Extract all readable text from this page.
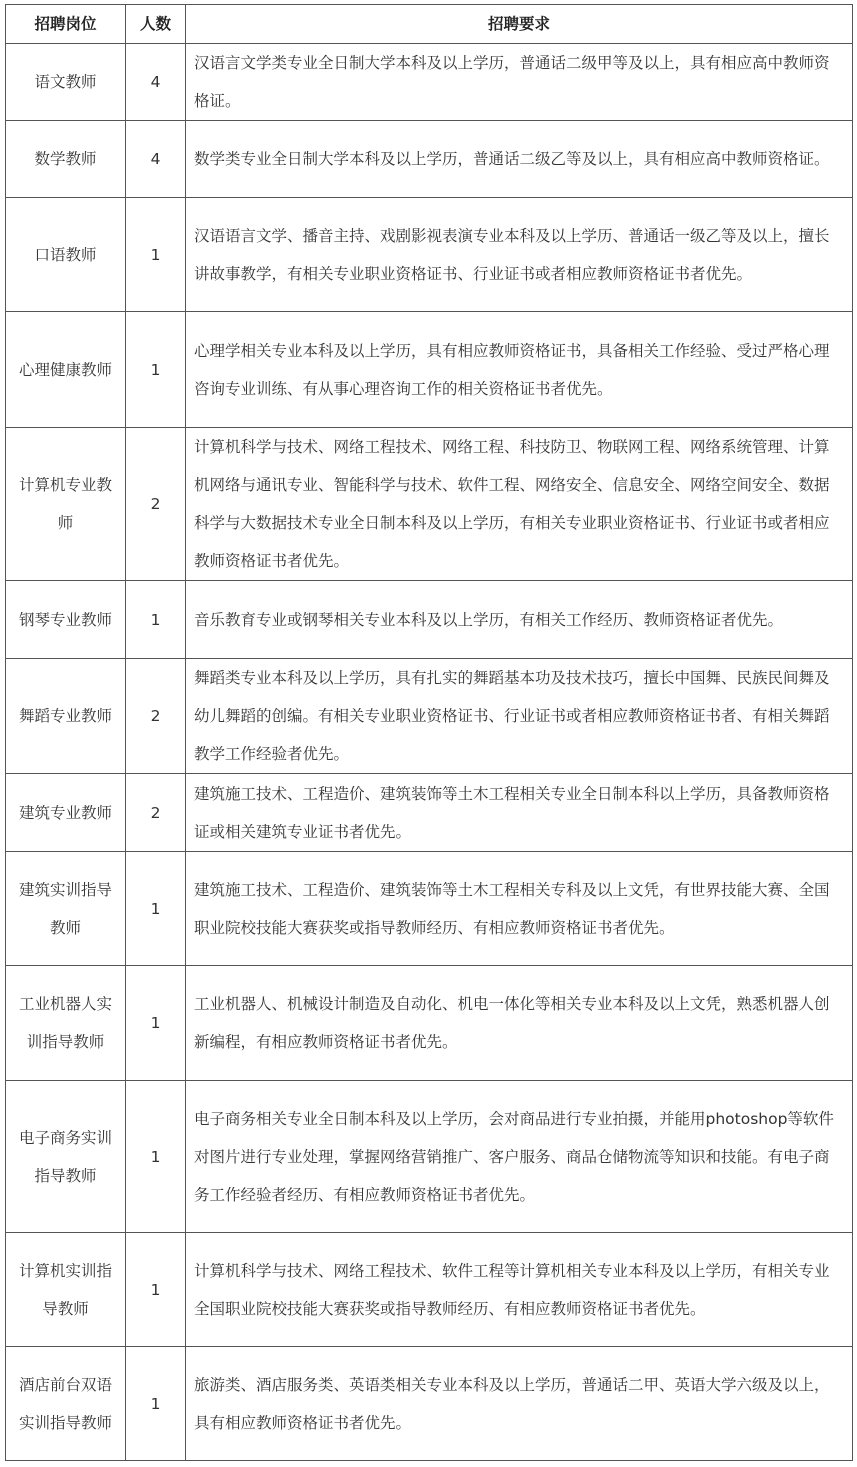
招聘岗位	人数	招聘要求
语文教师	4	汉语言文学类专业全日制大学本科及以上学历，普通话二级甲等及以上，具有相应高中教师资格证。
数学教师	4	数学类专业全日制大学本科及以上学历，普通话二级乙等及以上，具有相应高中教师资格证。
口语教师	1	汉语语言文学、播音主持、戏剧影视表演专业本科及以上学历、普通话一级乙等及以上，擅长讲故事教学，有相关专业职业资格证书、行业证书或者相应教师资格证书者优先。
心理健康教师	1	心理学相关专业本科及以上学历，具有相应教师资格证书，具备相关工作经验、受过严格心理咨询专业训练、有从事心理咨询工作的相关资格证书者优先。
计算机专业教师	2	计算机科学与技术、网络工程技术、网络工程、科技防卫、物联网工程、网络系统管理、计算机网络与通讯专业、智能科学与技术、软件工程、网络安全、信息安全、网络空间安全、数据科学与大数据技术专业全日制本科及以上学历，有相关专业职业资格证书、行业证书或者相应教师资格证书者优先。
钢琴专业教师	1	音乐教育专业或钢琴相关专业本科及以上学历，有相关工作经历、教师资格证者优先。
舞蹈专业教师	2	舞蹈类专业本科及以上学历，具有扎实的舞蹈基本功及技术技巧，擅长中国舞、民族民间舞及幼儿舞蹈的创编。有相关专业职业资格证书、行业证书或者相应教师资格证书者、有相关舞蹈教学工作经验者优先。
建筑专业教师	2	建筑施工技术、工程造价、建筑装饰等土木工程相关专业全日制本科以上学历，具备教师资格证或相关建筑专业证书者优先。
建筑实训指导教师	1	建筑施工技术、工程造价、建筑装饰等土木工程相关专科及以上文凭，有世界技能大赛、全国职业院校技能大赛获奖或指导教师经历、有相应教师资格证书者优先。
工业机器人实训指导教师	1	工业机器人、机械设计制造及自动化、机电一体化等相关专业本科及以上文凭，熟悉机器人创新编程，有相应教师资格证书者优先。
电子商务实训指导教师	1	电子商务相关专业全日制本科及以上学历，会对商品进行专业拍摄，并能用photoshop等软件对图片进行专业处理，掌握网络营销推广、客户服务、商品仓储物流等知识和技能。有电子商务工作经验者经历、有相应教师资格证书者优先。
计算机实训指导教师	1	计算机科学与技术、网络工程技术、软件工程等计算机相关专业本科及以上学历，有相关专业全国职业院校技能大赛获奖或指导教师经历、有相应教师资格证书者优先。
酒店前台双语实训指导教师	1	旅游类、酒店服务类、英语类相关专业本科及以上学历，普通话二甲、英语大学六级及以上，具有相应教师资格证书者优先。
